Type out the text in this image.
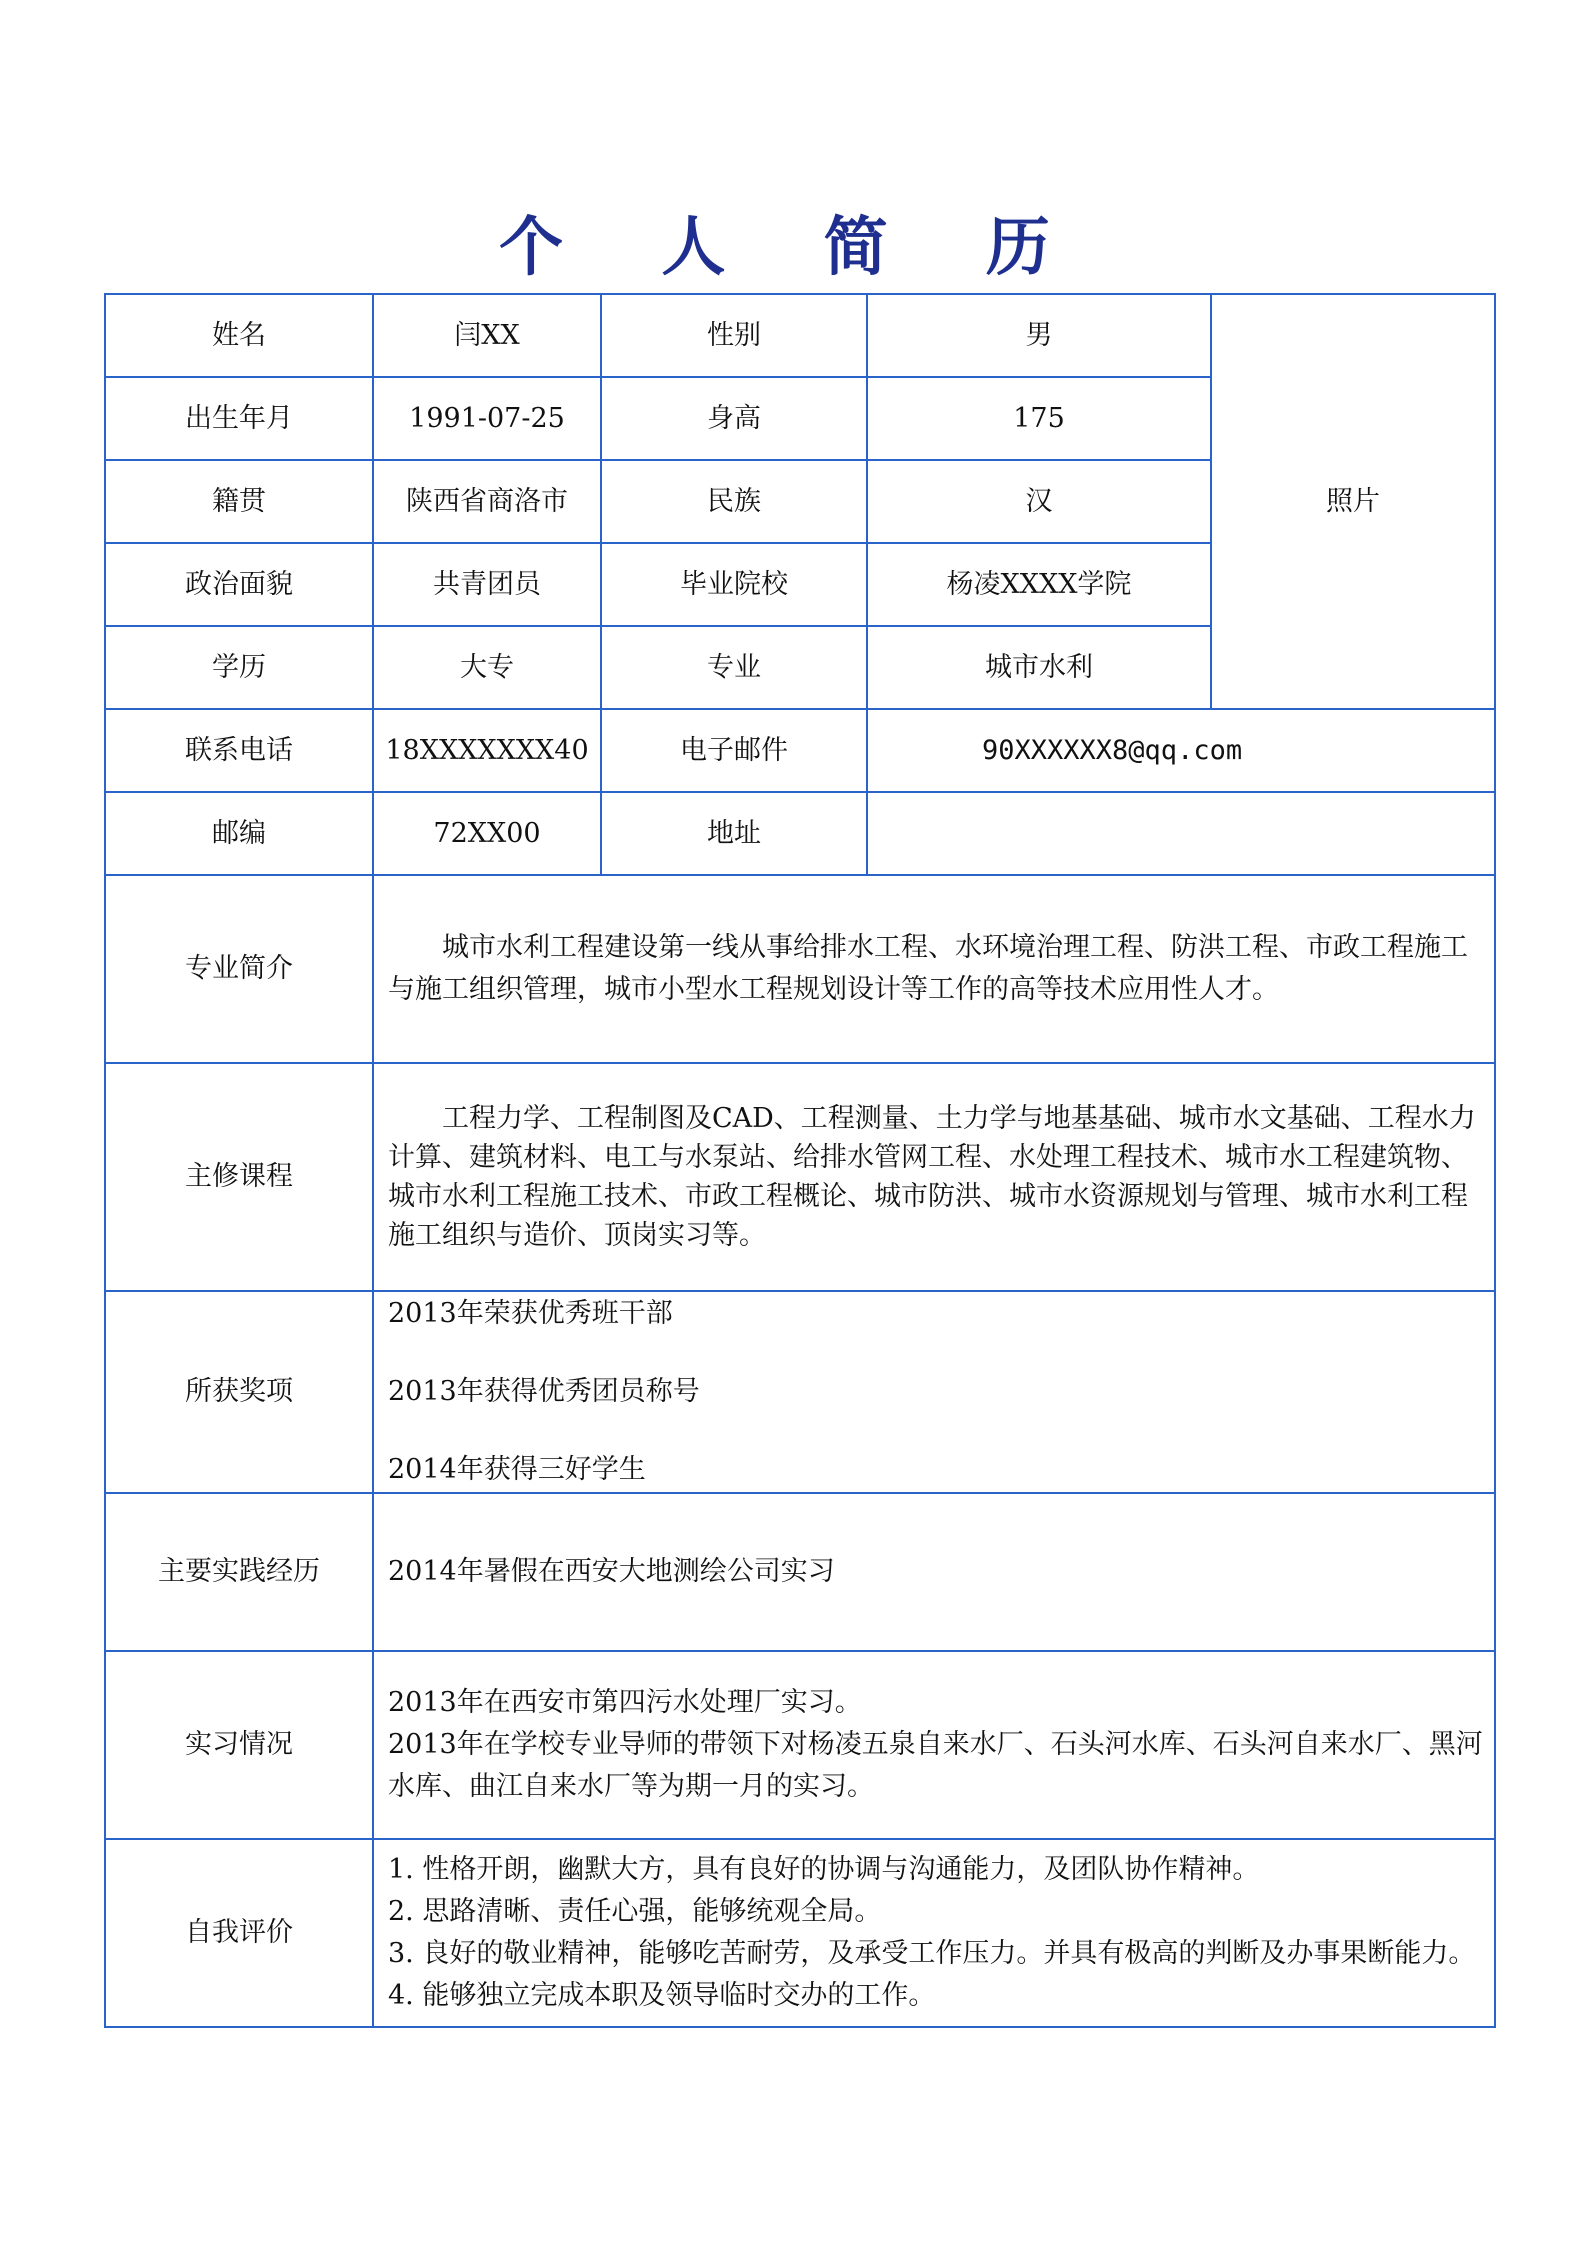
个 人 简 历
姓名	闫XX	性别	男	照片
出生年月	1991-07-25	身高	175	
籍贯	陕西省商洛市	民族	汉	
政治面貌	共青团员	毕业院校	杨凌XXXX学院	
学历	大专	专业	城市水利	
联系电话	18XXXXXXX40	电子邮件	90XXXXXX8@qq.com	
邮编	72XX00	地址		
专业简介	城市水利工程建设第一线从事给排水工程、水环境治理工程、防洪工程、市政工程施工与施工组织管理，城市小型水工程规划设计等工作的高等技术应用性人才。			

主修课程	工程力学、工程制图及CAD、工程测量、土力学与地基基础、城市水文基础、工程水力计算、建筑材料、电工与水泵站、给排水管网工程、水处理工程技术、城市水工程建筑物、城市水利工程施工技术、市政工程概论、城市防洪、城市水资源规划与管理、城市水利工程施工组织与造价、顶岗实习等。			

所获奖项	2013年荣获优秀班干部

2013年获得优秀团员称号

2014年获得三好学生			

主要实践经历	2014年暑假在西安大地测绘公司实习			

实习情况	2013年在西安市第四污水处理厂实习。

2013年在学校专业导师的带领下对杨凌五泉自来水厂、石头河水库、石头河自来水厂、黑河水库、曲江自来水厂等为期一月的实习。			

自我评价	1. 性格开朗，幽默大方，具有良好的协调与沟通能力，及团队协作精神。

2. 思路清晰、责任心强，能够统观全局。

3. 良好的敬业精神，能够吃苦耐劳，及承受工作压力。并具有极高的判断及办事果断能力。

4. 能够独立完成本职及领导临时交办的工作。			
